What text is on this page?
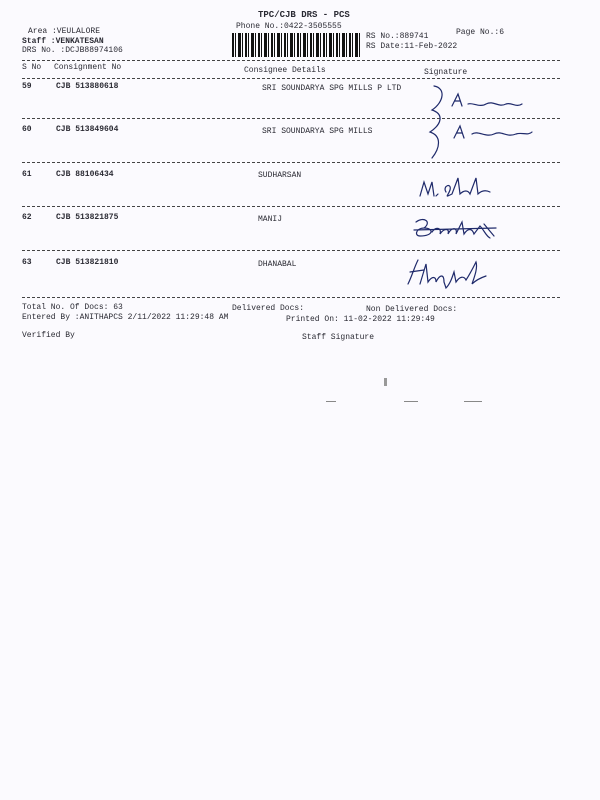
TPC/CJB DRS - PCS
Phone No.:0422-3505555
Page No.:6
Area :VEULALORE
Staff :VENKATESAN
DRS No. :DCJB88974106
RS No.:889741
RS Date:11-Feb-2022
S No Consignment No	Consignee Details	Signature
59	CJB 513880618	SRI SOUNDARYA SPG MILLS P LTD
60	CJB 513849604	SRI SOUNDARYA SPG MILLS
61	CJB 88106434	SUDHARSAN
62	CJB 513821875	MANIJ
63	CJB 513821810	DHANABAL
Total No. Of Docs: 63	Delivered Docs:	Non Delivered Docs:
Entered By :ANITHAPCS 2/11/2022 11:29:48 AM	Printed On: 11-02-2022 11:29:49
Verified By	Staff Signature
